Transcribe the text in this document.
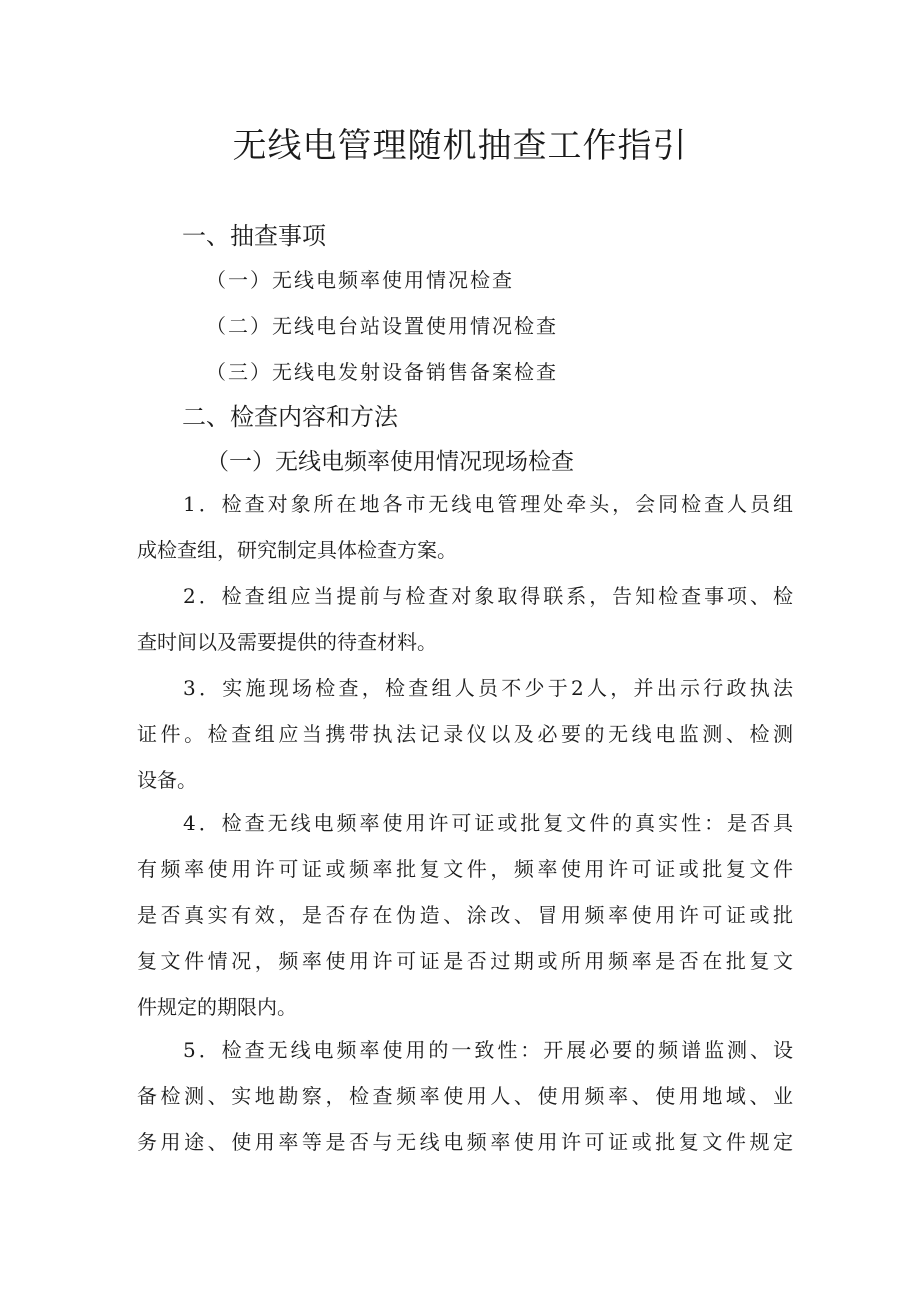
无线电管理随机抽查工作指引
一、抽查事项
（一）无线电频率使用情况检查
（二）无线电台站设置使用情况检查
（三）无线电发射设备销售备案检查
二、检查内容和方法
（一）无线电频率使用情况现场检查
1．检查对象所在地各市无线电管理处牵头，会同检查人员组
成检查组，研究制定具体检查方案。
2．检查组应当提前与检查对象取得联系，告知检查事项、检
查时间以及需要提供的待查材料。
3．实施现场检查，检查组人员不少于2人，并出示行政执法
证件。检查组应当携带执法记录仪以及必要的无线电监测、检测
设备。
4．检查无线电频率使用许可证或批复文件的真实性：是否具
有频率使用许可证或频率批复文件，频率使用许可证或批复文件
是否真实有效，是否存在伪造、涂改、冒用频率使用许可证或批
复文件情况，频率使用许可证是否过期或所用频率是否在批复文
件规定的期限内。
5．检查无线电频率使用的一致性：开展必要的频谱监测、设
备检测、实地勘察，检查频率使用人、使用频率、使用地域、业
务用途、使用率等是否与无线电频率使用许可证或批复文件规定
